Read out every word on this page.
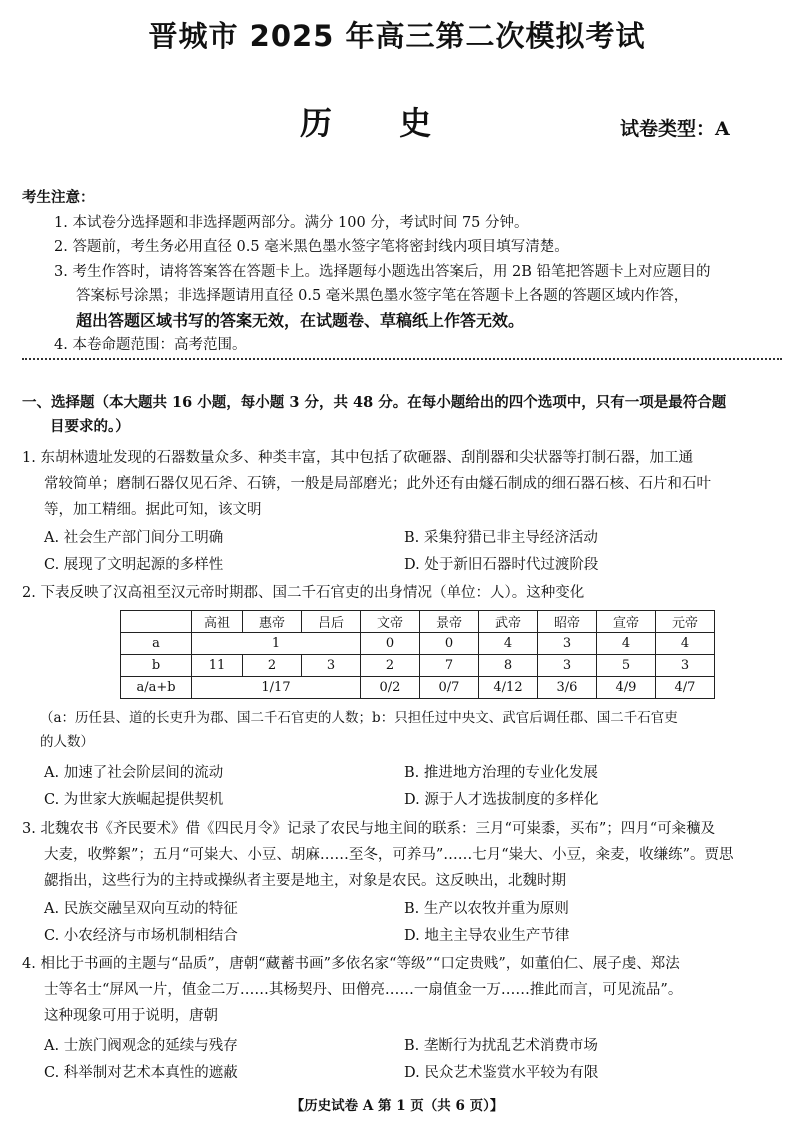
晋城市 2025 年高三第二次模拟考试
历 史	试卷类型：A
考生注意：
1. 本试卷分选择题和非选择题两部分。满分 100 分，考试时间 75 分钟。
2. 答题前，考生务必用直径 0.5 毫米黑色墨水签字笔将密封线内项目填写清楚。
3. 考生作答时，请将答案答在答题卡上。选择题每小题选出答案后，用 2B 铅笔把答题卡上对应题目的
答案标号涂黑；非选择题请用直径 0.5 毫米黑色墨水签字笔在答题卡上各题的答题区域内作答，
超出答题区域书写的答案无效，在试题卷、草稿纸上作答无效。
4. 本卷命题范围：高考范围。
一、选择题（本大题共 16 小题，每小题 3 分，共 48 分。在每小题给出的四个选项中，只有一项是最符合题
目要求的。）
1. 东胡林遗址发现的石器数量众多、种类丰富，其中包括了砍砸器、刮削器和尖状器等打制石器，加工通
常较简单；磨制石器仅见石斧、石锛，一般是局部磨光；此外还有由燧石制成的细石器石核、石片和石叶
等，加工精细。据此可知，该文明
A. 社会生产部门间分工明确	B. 采集狩猎已非主导经济活动
C. 展现了文明起源的多样性	D. 处于新旧石器时代过渡阶段
2. 下表反映了汉高祖至汉元帝时期郡、国二千石官吏的出身情况（单位：人）。这种变化
	高祖	惠帝	吕后	文帝	景帝	武帝	昭帝	宣帝	元帝
a	1			0	0	4	3	4	4
b	11	2	3	2	7	8	3	5	3
a/a+b	1/17			0/2	0/7	4/12	3/6	4/9	4/7
（a：历任县、道的长吏升为郡、国二千石官吏的人数；b：只担任过中央文、武官后调任郡、国二千石官吏
的人数）
A. 加速了社会阶层间的流动	B. 推进地方治理的专业化发展
C. 为世家大族崛起提供契机	D. 源于人才选拔制度的多样化
3. 北魏农书《齐民要术》借《四民月令》记录了农民与地主间的联系：三月“可粜黍，买布”；四月“可籴穬及
大麦，收弊絮”；五月“可粜大、小豆、胡麻……至冬，可养马”……七月“粜大、小豆，籴麦，收缣练”。贾思
勰指出，这些行为的主持或操纵者主要是地主，对象是农民。这反映出，北魏时期
A. 民族交融呈双向互动的特征	B. 生产以农牧并重为原则
C. 小农经济与市场机制相结合	D. 地主主导农业生产节律
4. 相比于书画的主题与“品质”，唐朝“藏蓄书画”多依名家“等级”“口定贵贱”，如董伯仁、展子虔、郑法
士等名士“屏风一片，值金二万……其杨契丹、田僧亮……一扇值金一万……推此而言，可见流品”。
这种现象可用于说明，唐朝
A. 士族门阀观念的延续与残存	B. 垄断行为扰乱艺术消费市场
C. 科举制对艺术本真性的遮蔽	D. 民众艺术鉴赏水平较为有限
【历史试卷 A 第 1 页（共 6 页）】
